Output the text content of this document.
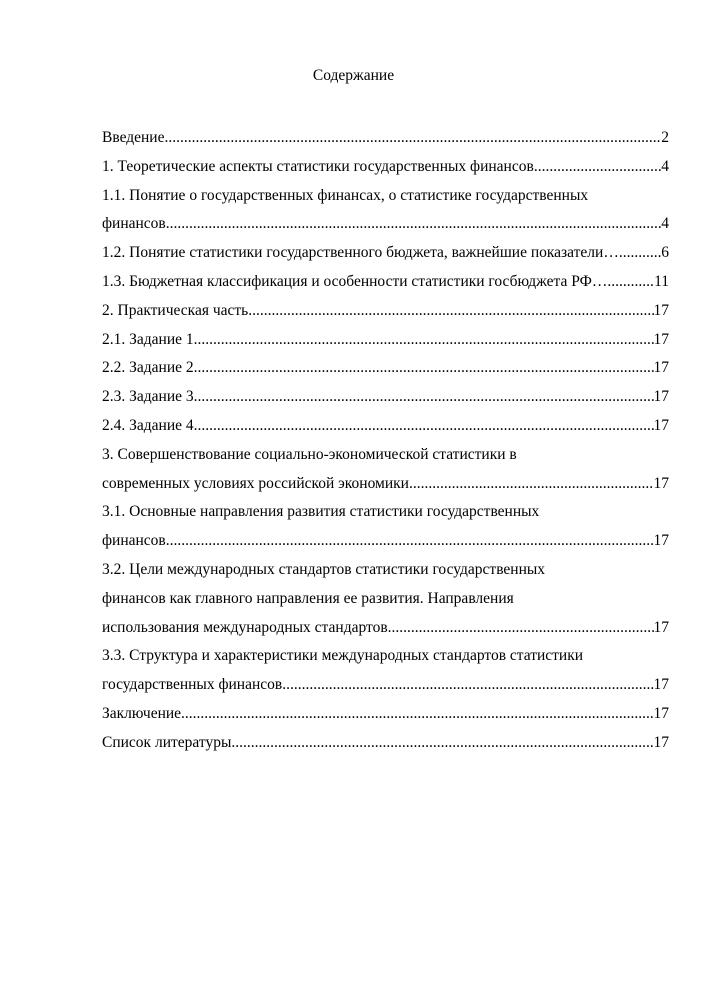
Содержание
Введение .....	2
1. Теоретические аспекты статистики государственных финансов .....	4
1.1. Понятие о государственных финансах, о статистике государственных
финансов .....	4
1.2. Понятие статистики государственного бюджета, важнейшие показатели… .....	6
1.3. Бюджетная классификация и особенности статистики госбюджета РФ….. .....	11
2. Практическая часть .....	17
2.1. Задание 1 .....	17
2.2. Задание 2 .....	17
2.3. Задание 3 .....	17
2.4. Задание 4 .....	17
3. Совершенствование социально-экономической статистики в
современных условиях российской экономики .....	17
3.1. Основные направления развития статистики государственных
финансов .....	17
3.2. Цели международных стандартов статистики государственных
финансов как главного направления ее развития. Направления
использования международных стандартов .....	17
3.3. Структура и характеристики международных стандартов статистики
государственных финансов .....	17
Заключение .....	17
Список литературы .....	17
